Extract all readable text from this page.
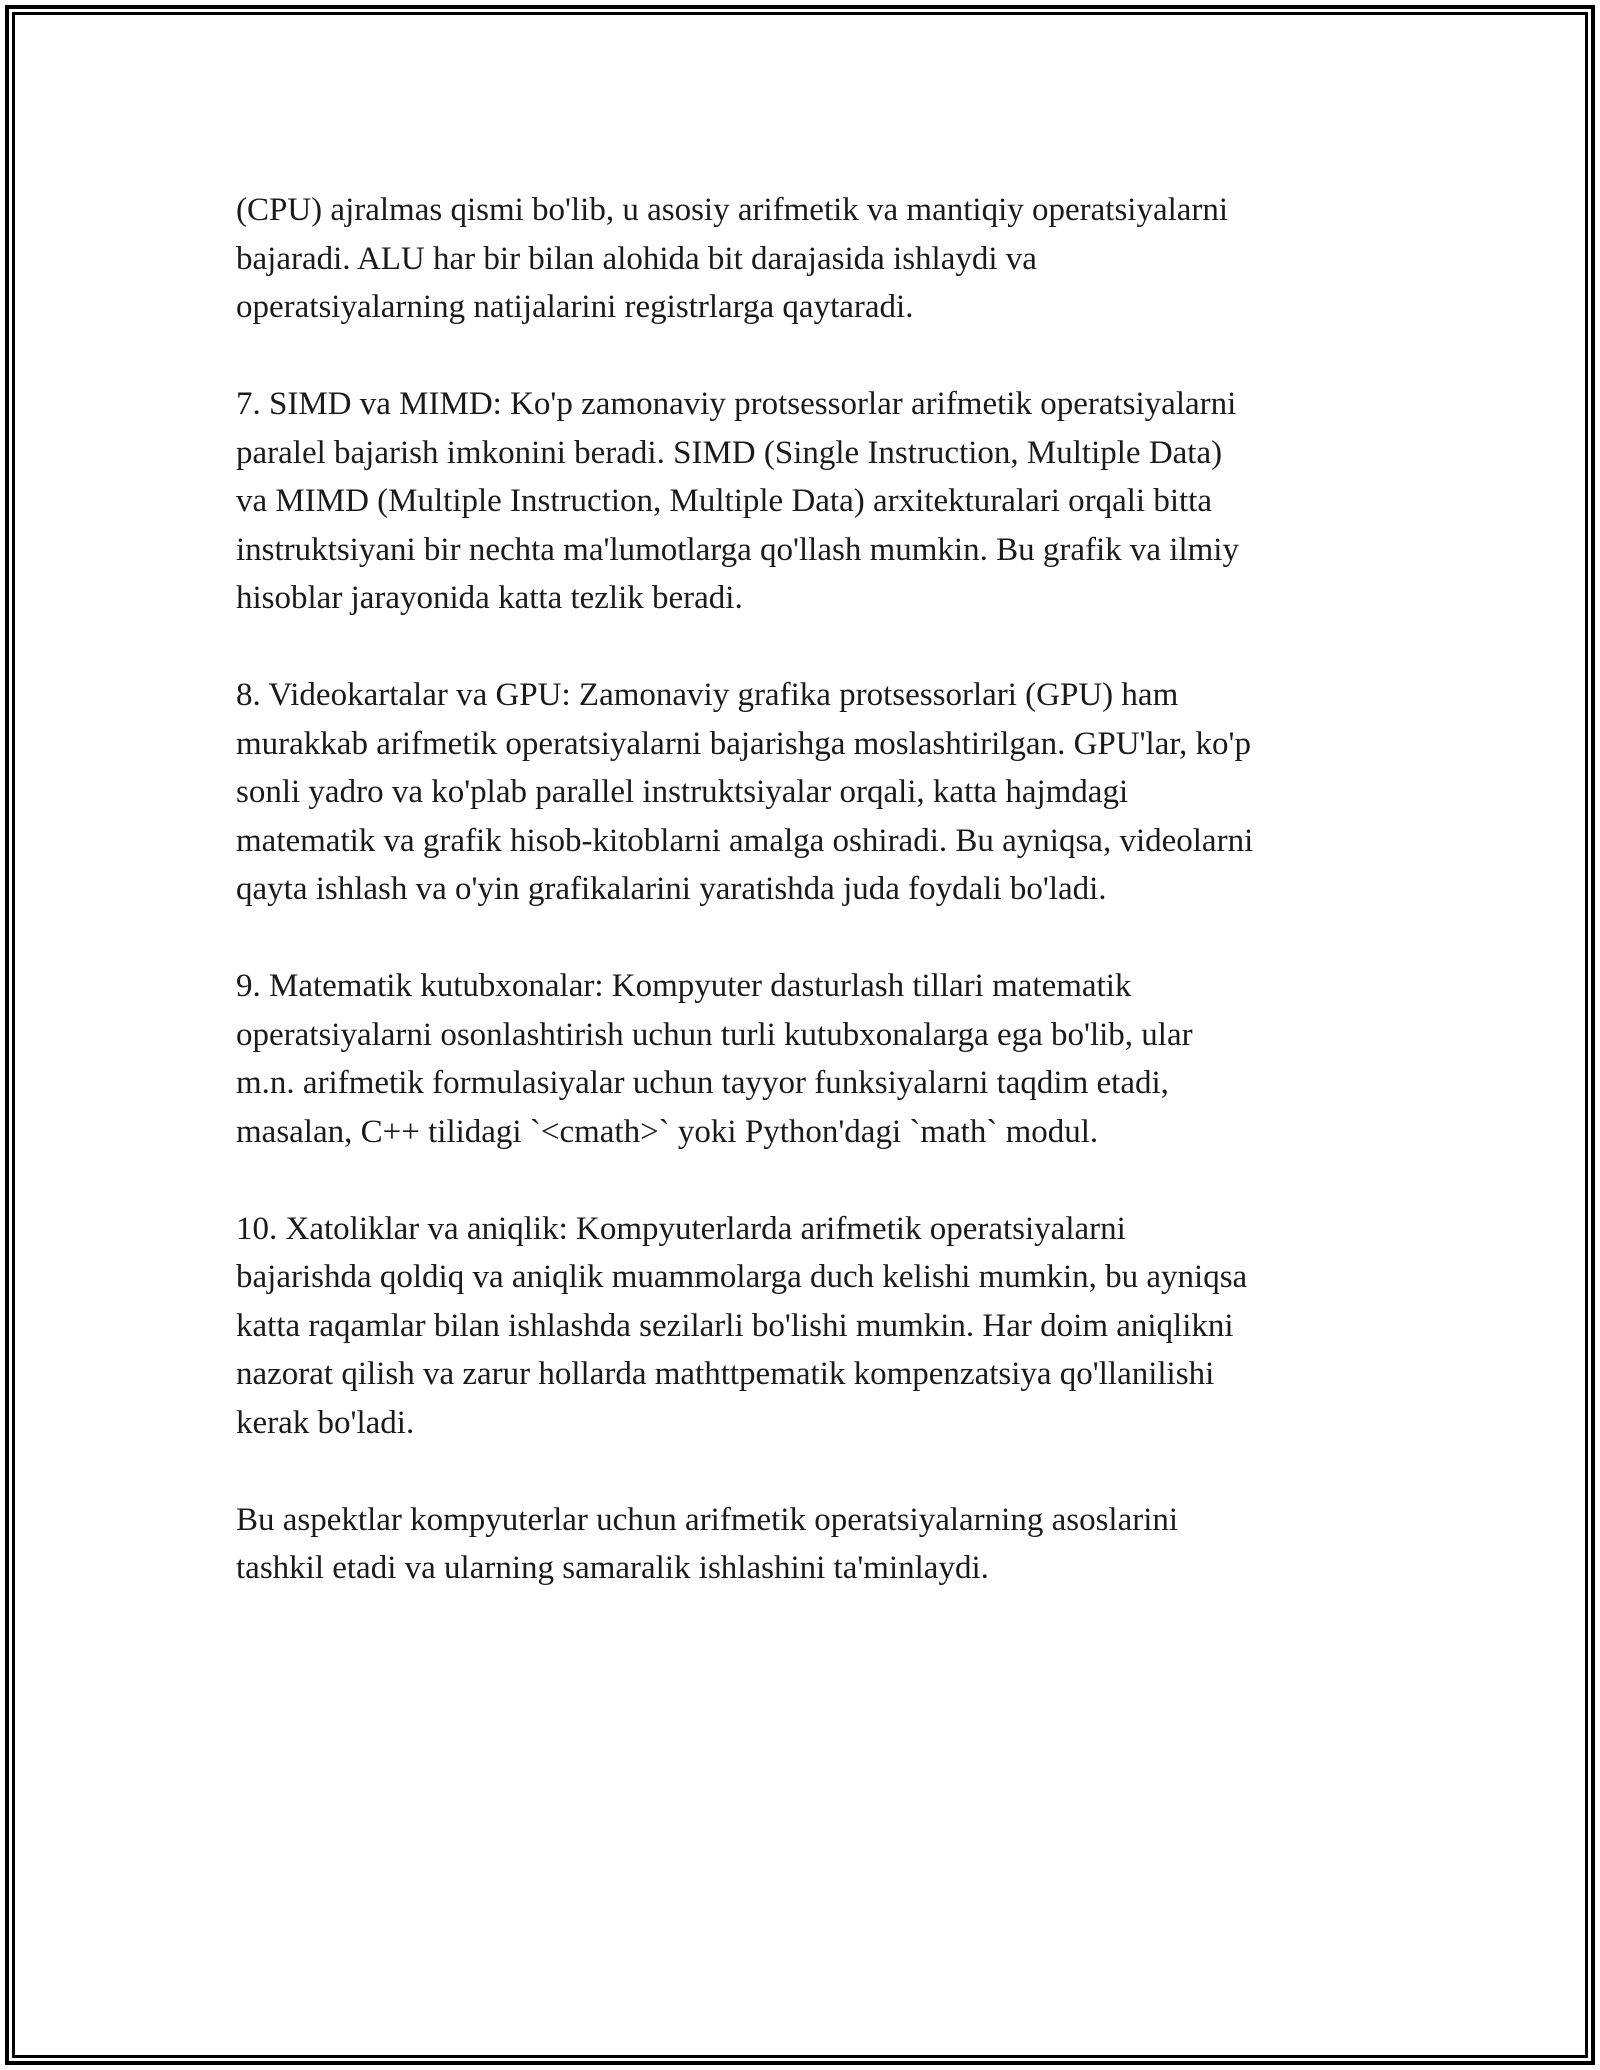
(CPU) ajralmas qismi bo'lib, u asosiy arifmetik va mantiqiy operatsiyalarni
bajaradi. ALU har bir bilan alohida bit darajasida ishlaydi va
operatsiyalarning natijalarini registrlarga qaytaradi.
7. SIMD va MIMD: Ko'p zamonaviy protsessorlar arifmetik operatsiyalarni
paralel bajarish imkonini beradi. SIMD (Single Instruction, Multiple Data)
va MIMD (Multiple Instruction, Multiple Data) arxitekturalari orqali bitta
instruktsiyani bir nechta ma'lumotlarga qo'llash mumkin. Bu grafik va ilmiy
hisoblar jarayonida katta tezlik beradi.
8. Videokartalar va GPU: Zamonaviy grafika protsessorlari (GPU) ham
murakkab arifmetik operatsiyalarni bajarishga moslashtirilgan. GPU'lar, ko'p
sonli yadro va ko'plab parallel instruktsiyalar orqali, katta hajmdagi
matematik va grafik hisob-kitoblarni amalga oshiradi. Bu ayniqsa, videolarni
qayta ishlash va o'yin grafikalarini yaratishda juda foydali bo'ladi.
9. Matematik kutubxonalar: Kompyuter dasturlash tillari matematik
operatsiyalarni osonlashtirish uchun turli kutubxonalarga ega bo'lib, ular
m.n. arifmetik formulasiyalar uchun tayyor funksiyalarni taqdim etadi,
masalan, C++ tilidagi `<cmath>` yoki Python'dagi `math` modul.
10. Xatoliklar va aniqlik: Kompyuterlarda arifmetik operatsiyalarni
bajarishda qoldiq va aniqlik muammolarga duch kelishi mumkin, bu ayniqsa
katta raqamlar bilan ishlashda sezilarli bo'lishi mumkin. Har doim aniqlikni
nazorat qilish va zarur hollarda mathttpematik kompenzatsiya qo'llanilishi
kerak bo'ladi.
Bu aspektlar kompyuterlar uchun arifmetik operatsiyalarning asoslarini
tashkil etadi va ularning samaralik ishlashini ta'minlaydi.
